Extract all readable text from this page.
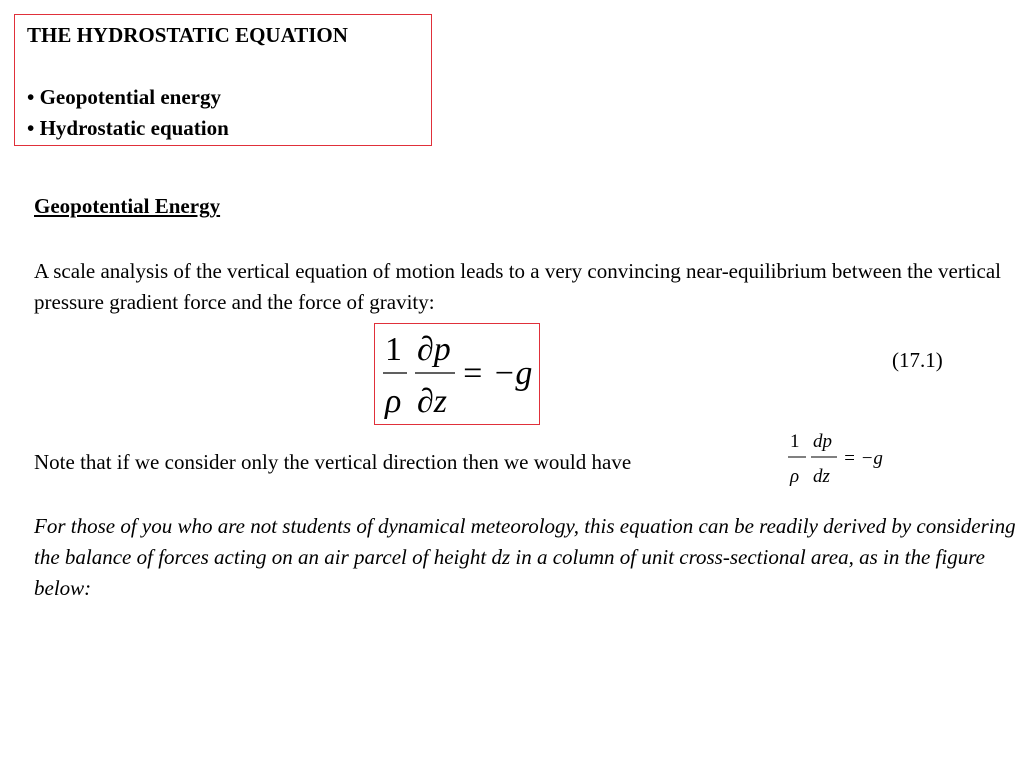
THE HYDROSTATIC EQUATION
• Geopotential energy
• Hydrostatic equation
Geopotential Energy
A scale analysis of the vertical equation of motion leads to a very convincing near-equilibrium between the vertical pressure gradient force and the force of gravity:
1
ρ
∂p
∂z
= −g	(17.1)
Note that if we consider only the vertical direction then we would have
1
ρ
dp
dz
= −g
For those of you who are not students of dynamical meteorology, this equation can be readily derived by considering the balance of forces acting on an air parcel of height dz in a column of unit cross-sectional area, as in the figure below:
